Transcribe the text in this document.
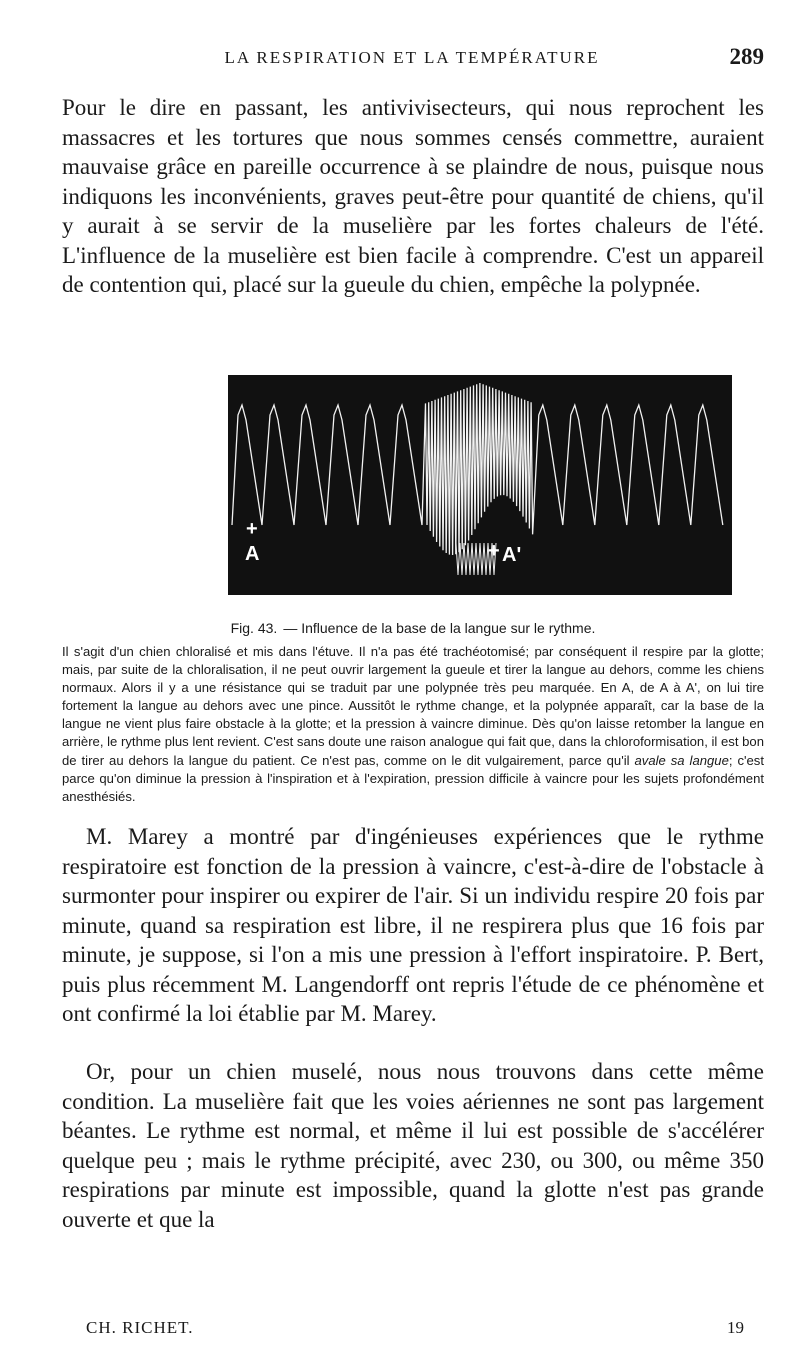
LA RESPIRATION ET LA TEMPÉRATURE	289

Pour le dire en passant, les antivivisecteurs, qui nous reprochent les massacres et les tortures que nous sommes censés commettre, auraient mauvaise grâce en pareille occurrence à se plaindre de nous, puisque nous indiquons les inconvénients, graves peut-être pour quantité de chiens, qu'il y aurait à se servir de la muselière par les fortes chaleurs de l'été. L'influence de la muselière est bien facile à comprendre. C'est un appareil de contention qui, placé sur la gueule du chien, empêche la polypnée.

+
A	+ A'
Fig. 43. — Influence de la base de la langue sur le rythme.

Il s'agit d'un chien chloralisé et mis dans l'étuve. Il n'a pas été trachéotomisé; par conséquent il respire par la glotte; mais, par suite de la chloralisation, il ne peut ouvrir largement la gueule et tirer la langue au dehors, comme les chiens normaux. Alors il y a une résistance qui se traduit par une polypnée très peu marquée. En A, de A à A', on lui tire fortement la langue au dehors avec une pince. Aussitôt le rythme change, et la polypnée apparaît, car la base de la langue ne vient plus faire obstacle à la glotte; et la pression à vaincre diminue. Dès qu'on laisse retomber la langue en arrière, le rythme plus lent revient. C'est sans doute une raison analogue qui fait que, dans la chloroformisation, il est bon de tirer au dehors la langue du patient. Ce n'est pas, comme on le dit vulgairement, parce qu'il avale sa langue; c'est parce qu'on diminue la pression à l'inspiration et à l'expiration, pression difficile à vaincre pour les sujets profondément anesthésiés.

M. Marey a montré par d'ingénieuses expériences que le rythme respiratoire est fonction de la pression à vaincre, c'est-à-dire de l'obstacle à surmonter pour inspirer ou expirer de l'air. Si un individu respire 20 fois par minute, quand sa respiration est libre, il ne respirera plus que 16 fois par minute, je suppose, si l'on a mis une pression à l'effort inspiratoire. P. Bert, puis plus récemment M. Langendorff ont repris l'étude de ce phénomène et ont confirmé la loi établie par M. Marey.

Or, pour un chien muselé, nous nous trouvons dans cette même condition. La muselière fait que les voies aériennes ne sont pas largement béantes. Le rythme est normal, et même il lui est possible de s'accélérer quelque peu ; mais le rythme précipité, avec 230, ou 300, ou même 350 respirations par minute est impossible, quand la glotte n'est pas grande ouverte et que la

CH. RICHET.	19
